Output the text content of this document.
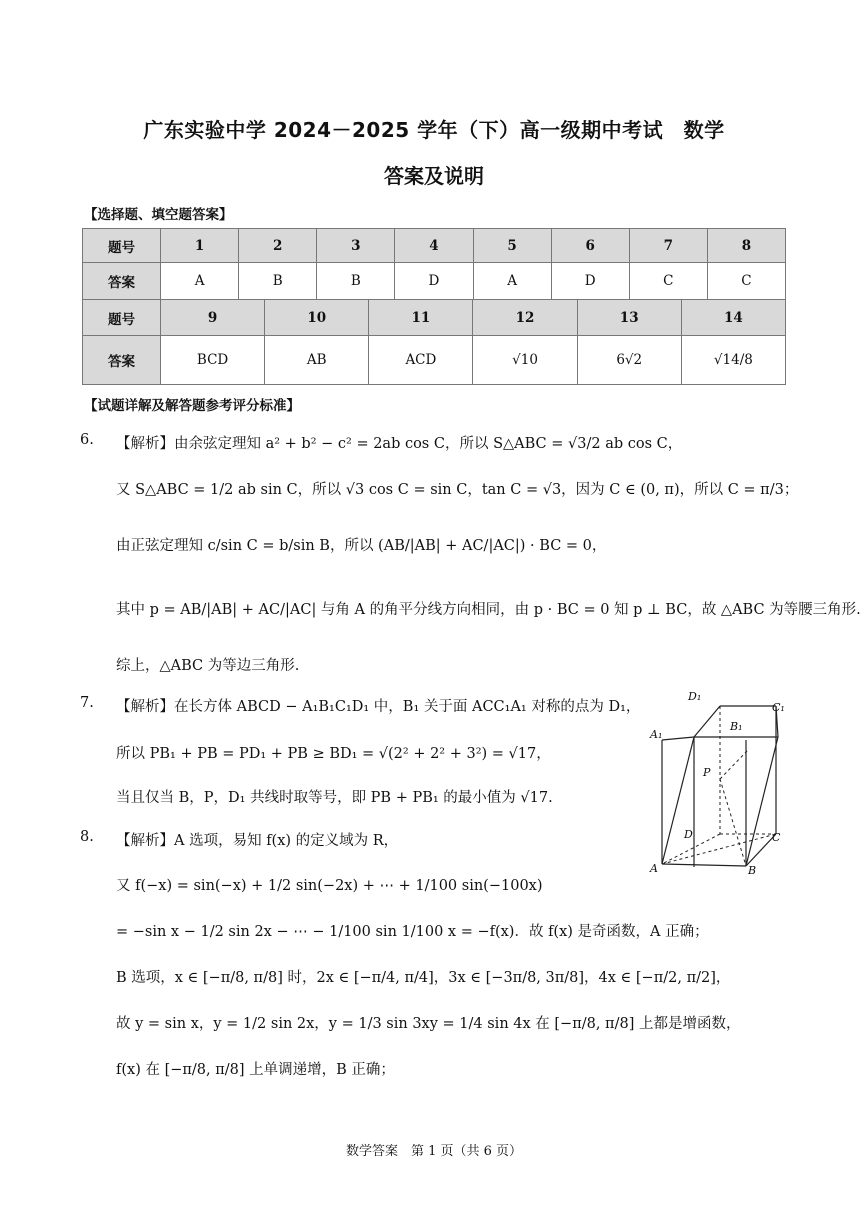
广东实验中学 2024－2025 学年（下）高一级期中考试　数学
答案及说明
【选择题、填空题答案】
题号	1	2	3	4	5	6	7	8
答案	A	B	B	D	A	D	C	C
题号	9	10	11	12	13	14
答案	BCD	AB	ACD	√10	6√2	√14/8
【试题详解及解答题参考评分标准】
6. 【解析】由余弦定理知 a² + b² − c² = 2ab cos C，所以 S△ABC = √3/2 ab cos C，
又 S△ABC = 1/2 ab sin C，所以 √3 cos C = sin C，tan C = √3，因为 C ∈ (0, π)，所以 C = π/3；
由正弦定理知 c/sin C = b/sin B，所以 (AB/|AB| + AC/|AC|) · BC = 0，
其中 p = AB/|AB| + AC/|AC| 与角 A 的角平分线方向相同，由 p · BC = 0 知 p ⊥ BC，故 △ABC 为等腰三角形.
综上，△ABC 为等边三角形.
7. 【解析】在长方体 ABCD − A₁B₁C₁D₁ 中，B₁ 关于面 ACC₁A₁ 对称的点为 D₁，
所以 PB₁ + PB = PD₁ + PB ≥ BD₁ = √(2² + 2² + 3²) = √17，
当且仅当 B，P，D₁ 共线时取等号，即 PB + PB₁ 的最小值为 √17.
D₁
C₁
A₁
B₁
P
D	C
A	B
8. 【解析】A 选项，易知 f(x) 的定义域为 R，
又 f(−x) = sin(−x) + 1/2 sin(−2x) + ⋯ + 1/100 sin(−100x)
= −sin x − 1/2 sin 2x − ⋯ − 1/100 sin 1/100 x = −f(x)．故 f(x) 是奇函数，A 正确；
B 选项，x ∈ [−π/8, π/8] 时，2x ∈ [−π/4, π/4]，3x ∈ [−3π/8, 3π/8]，4x ∈ [−π/2, π/2]，
故 y = sin x，y = 1/2 sin 2x，y = 1/3 sin 3xy = 1/4 sin 4x 在 [−π/8, π/8] 上都是增函数，
f(x) 在 [−π/8, π/8] 上单调递增，B 正确；
数学答案　第 1 页（共 6 页）
